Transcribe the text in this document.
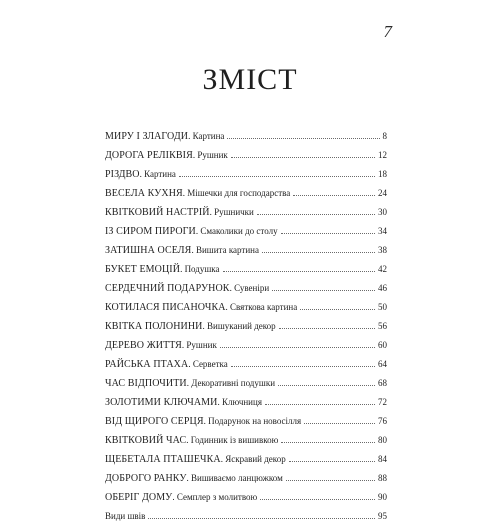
7
ЗМІСТ
МИРУ І ЗЛАГОДИ. Картина	8
ДОРОГА РЕЛІКВІЯ. Рушник	12
РІЗДВО. Картина	18
ВЕСЕЛА КУХНЯ. Мішечки для господарства	24
КВІТКОВИЙ НАСТРІЙ. Рушнички	30
ІЗ СИРОМ ПИРОГИ. Смаколики до столу	34
ЗАТИШНА ОСЕЛЯ. Вишита картина	38
БУКЕТ ЕМОЦІЙ. Подушка	42
СЕРДЕЧНИЙ ПОДАРУНОК. Сувеніри	46
КОТИЛАСЯ ПИСАНОЧКА. Святкова картина	50
КВІТКА ПОЛОНИНИ. Вишуканий декор	56
ДЕРЕВО ЖИТТЯ. Рушник	60
РАЙСЬКА ПТАХА. Серветка	64
ЧАС ВІДПОЧИТИ. Декоративні подушки	68
ЗОЛОТИМИ КЛЮЧАМИ. Ключниця	72
ВІД ЩИРОГО СЕРЦЯ. Подарунок на новосілля	76
КВІТКОВИЙ ЧАС. Годинник із вишивкою	80
ЩЕБЕТАЛА ПТАШЕЧКА. Яскравий декор	84
ДОБРОГО РАНКУ. Вишиваємо ланцюжком	88
ОБЕРІГ ДОМУ. Семплер з молитвою	90
Види швів	95
